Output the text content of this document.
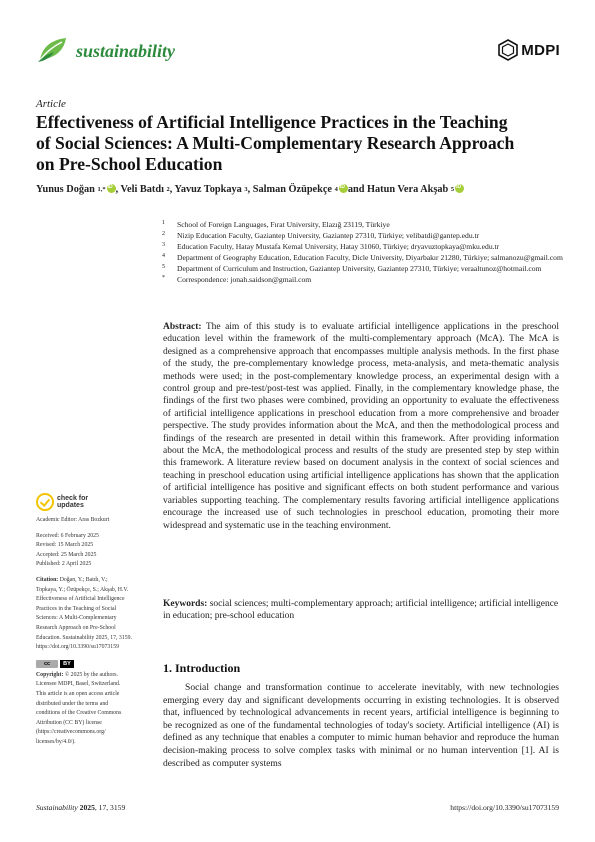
sustainability	MDPI
Article
Effectiveness of Artificial Intelligence Practices in the Teaching
of Social Sciences: A Multi-Complementary Research Approach
on Pre-School Education
Yunus Doğan
1,* iD , Veli Batdı
2 , Yavuz Topkaya
3 , Salman Özüpekçe
4 iD and Hatun Vera Akşab
5
iD
1	School of Foreign Languages, Fırat University, Elazığ 23119, Türkiye
2	Nizip Education Faculty, Gaziantep University, Gaziantep 27310, Türkiye; velibatdi@gantep.edu.tr
3	Education Faculty, Hatay Mustafa Kemal University, Hatay 31060, Türkiye; dryavuztopkaya@mku.edu.tr
4	Department of Geography Education, Education Faculty, Dicle University, Diyarbakır 21280, Türkiye; salmanozu@gmail.com
5	Department of Curriculum and Instruction, Gaziantep University, Gaziantep 27310, Türkiye; veraaltunoz@hotmail.com
*	Correspondence: jonah.saidson@gmail.com
Abstract: The aim of this study is to evaluate artificial intelligence applications in the preschool education level within the framework of the multi-complementary approach (McA). The McA is designed as a comprehensive approach that encompasses multiple analysis methods. In the first phase of the study, the pre-complementary knowledge process, meta-analysis, and meta-thematic analysis methods were used; in the post-complementary knowledge process, an experimental design with a control group and pre-test/post-test was applied. Finally, in the complementary knowledge phase, the findings of the first two phases were combined, providing an opportunity to evaluate the effectiveness of artificial intelligence applications in preschool education from a more comprehensive and broader perspective. The study provides information about the McA, and then the methodological process and findings of the research are presented in detail within this framework. After providing information about the McA, the methodological process and results of the study are presented step by step within this framework. A literature review based on document analysis in the context of social sciences and teaching in preschool education using artificial intelligence applications has shown that the application of artificial intelligence has positive and significant effects on both student performance and various variables supporting teaching. The complementary results favoring artificial intelligence applications encourage the increased use of such technologies in preschool education, promoting their more widespread and systematic use in the teaching environment.
Keywords: social sciences; multi-complementary approach; artificial intelligence; artificial intelligence in education; pre-school education
check for
updates
Academic Editor: Aras Bozkurt
Received: 6 February 2025
Revised: 15 March 2025
Accepted: 25 March 2025
Published: 2 April 2025
Citation: Doğan, Y.; Batdı, V.;
Topkaya, Y.; Özüpekçe, S.; Akşab, H.V.
Effectiveness of Artificial Intelligence
Practices in the Teaching of Social
Sciences: A Multi-Complementary
Research Approach on Pre-School
Education. Sustainability 2025, 17, 3159.
https://doi.org/10.3390/su17073159
cc	BY
Copyright: © 2025 by the authors.
Licensee MDPI, Basel, Switzerland.
This article is an open access article
distributed under the terms and
conditions of the Creative Commons
Attribution (CC BY) license
(https://creativecommons.org/
licenses/by/4.0/).
1. Introduction

Social change and transformation continue to accelerate inevitably, with new technologies emerging every day and significant developments occurring in existing technologies. It is observed that, influenced by technological advancements in recent years, artificial intelligence is beginning to be recognized as one of the fundamental technologies of today's society. Artificial intelligence (AI) is defined as any technique that enables a computer to mimic human behavior and reproduce the human decision-making process to solve complex tasks with minimal or no human intervention [1]. AI is described as computer systems

Sustainability 2025, 17, 3159	https://doi.org/10.3390/su17073159
